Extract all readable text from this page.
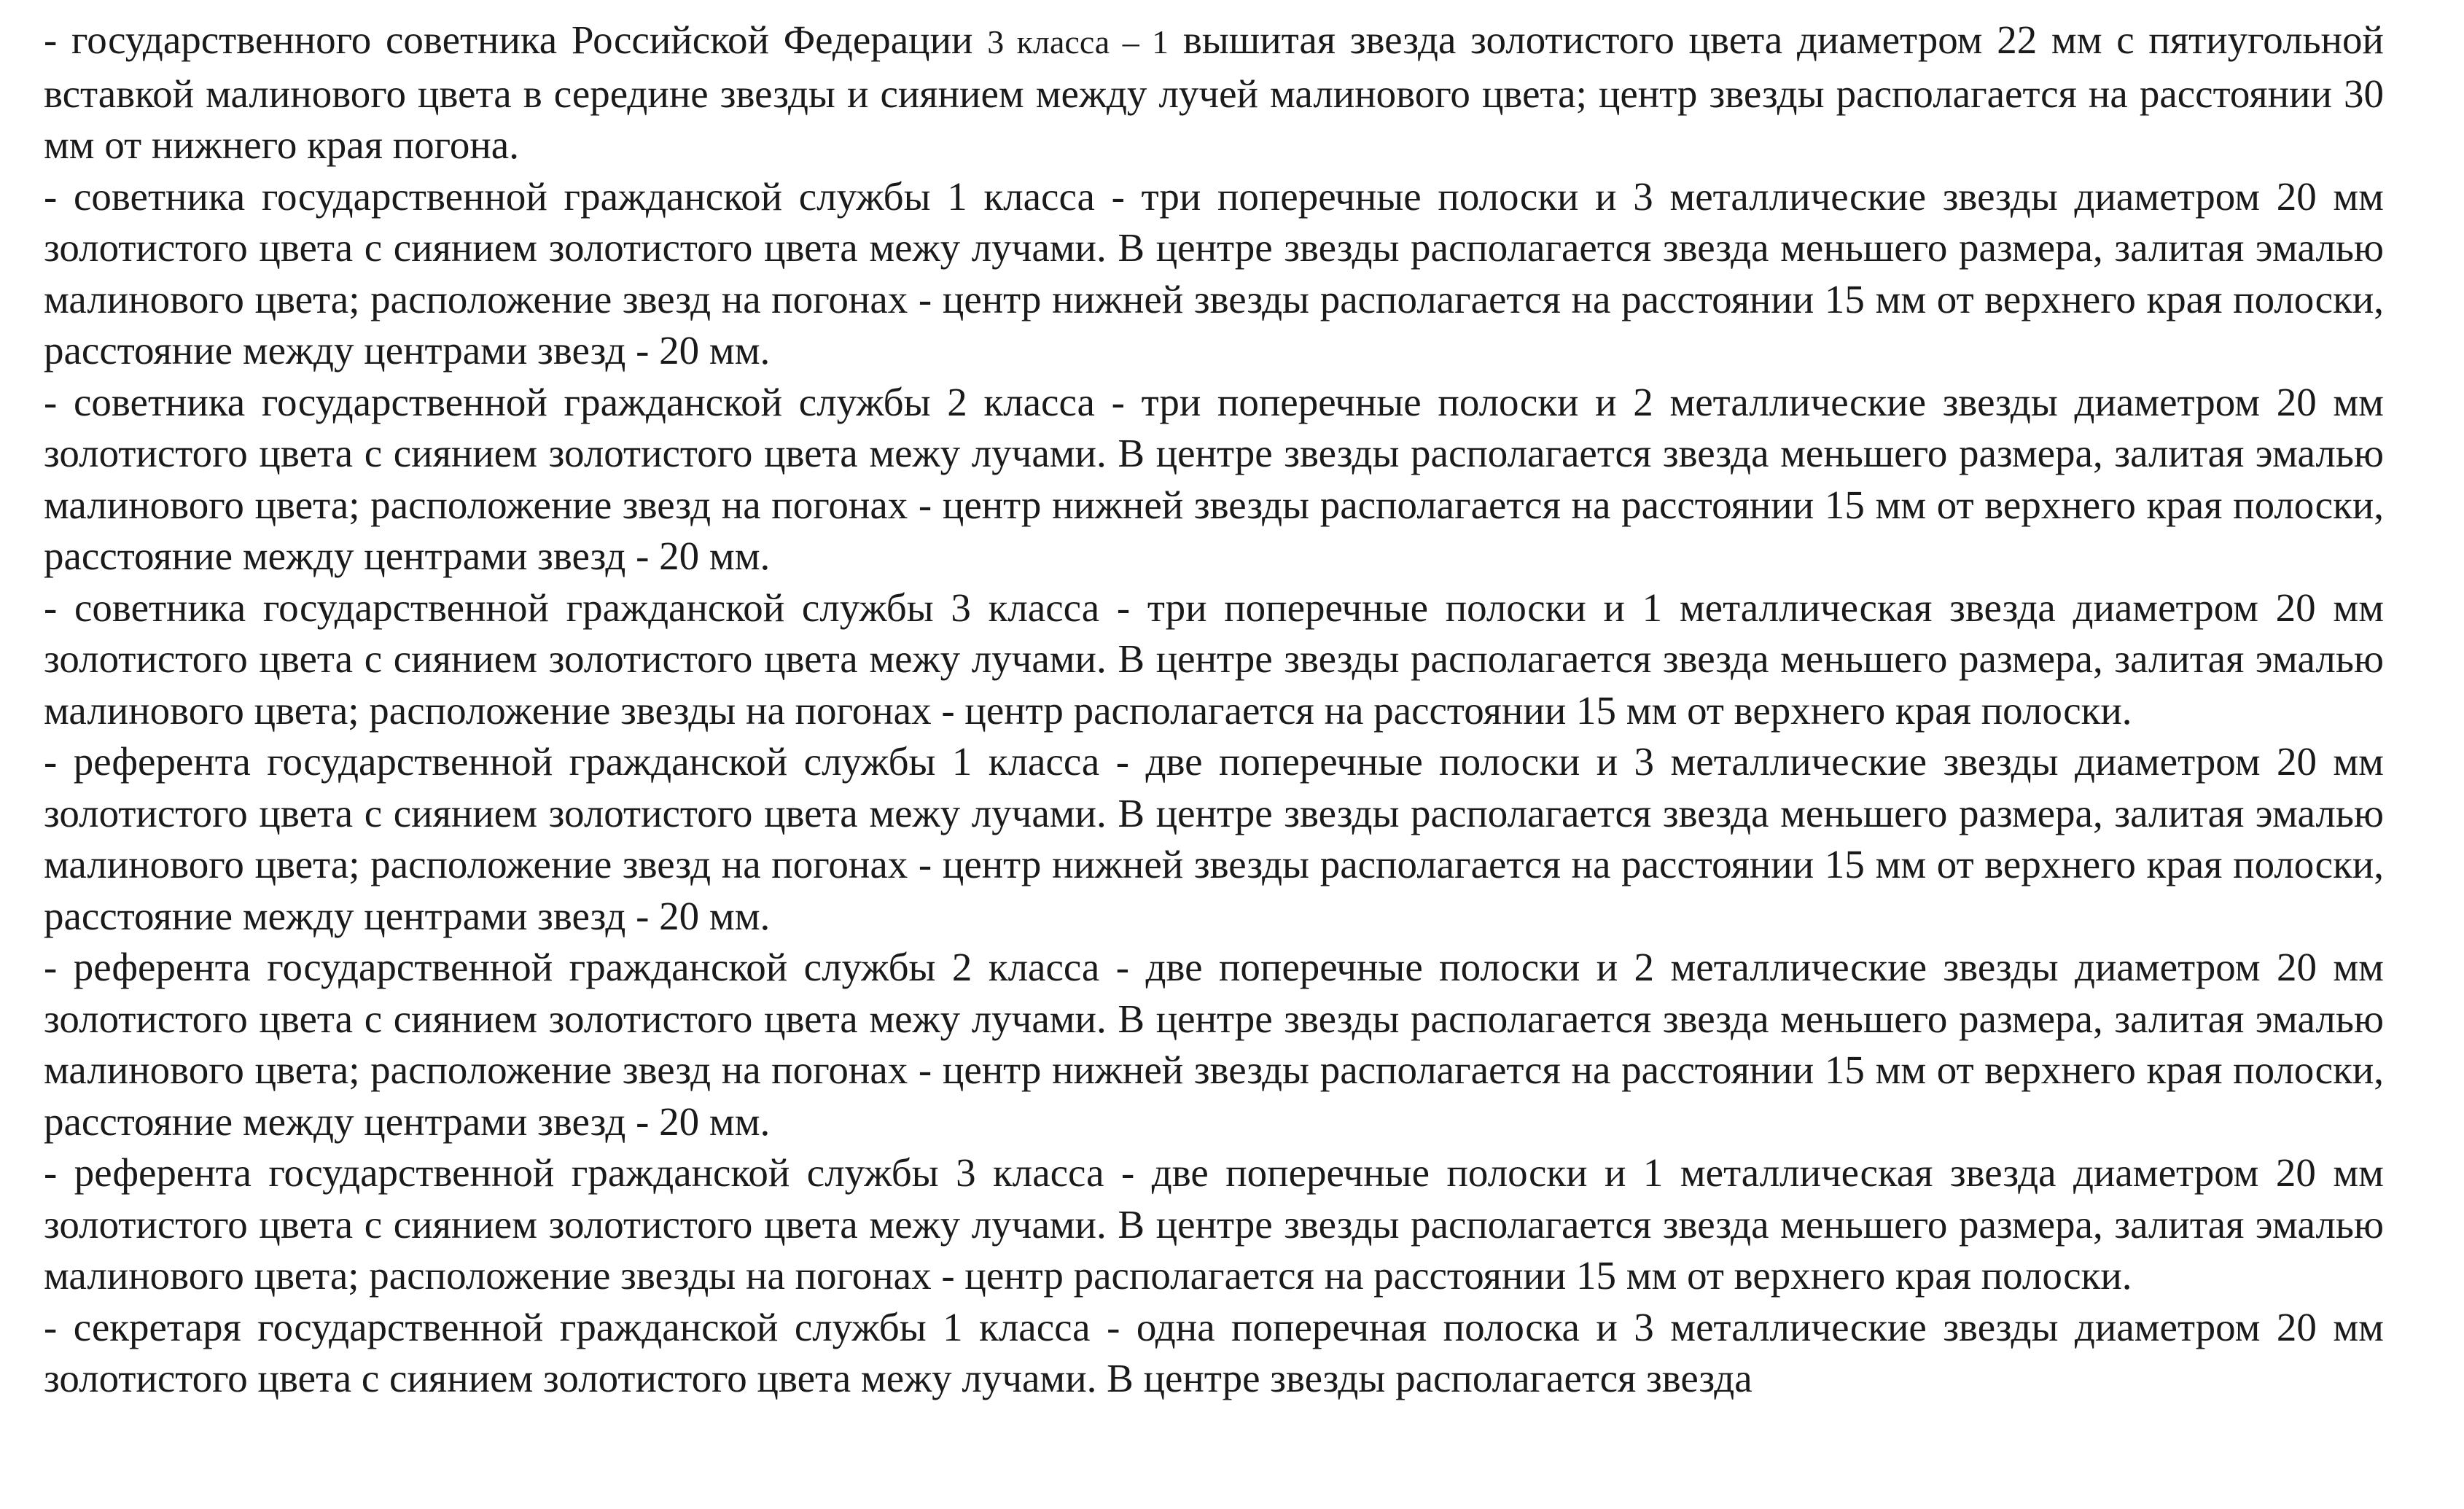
- государственного советника Российской Федерации 3 класса – 1 вышитая звезда золотистого цвета диаметром 22 мм с пятиугольной вставкой малинового цвета в середине звезды и сиянием между лучей малинового цвета; центр звезды располагается на расстоянии 30 мм от нижнего края погона.

- советника государственной гражданской службы 1 класса - три поперечные полоски и 3 металлические звезды диаметром 20 мм золотистого цвета с сиянием золотистого цвета межу лучами. В центре звезды располагается звезда меньшего размера, залитая эмалью малинового цвета; расположение звезд на погонах - центр нижней звезды располагается на расстоянии 15 мм от верхнего края полоски, расстояние между центрами звезд - 20 мм.

- советника государственной гражданской службы 2 класса - три поперечные полоски и 2 металлические звезды диаметром 20 мм золотистого цвета с сиянием золотистого цвета межу лучами. В центре звезды располагается звезда меньшего размера, залитая эмалью малинового цвета; расположение звезд на погонах - центр нижней звезды располагается на расстоянии 15 мм от верхнего края полоски, расстояние между центрами звезд - 20 мм.

- советника государственной гражданской службы 3 класса - три поперечные полоски и 1 металлическая звезда диаметром 20 мм золотистого цвета с сиянием золотистого цвета межу лучами. В центре звезды располагается звезда меньшего размера, залитая эмалью малинового цвета; расположение звезды на погонах - центр располагается на расстоянии 15 мм от верхнего края полоски.

- референта государственной гражданской службы 1 класса - две поперечные полоски и 3 металлические звезды диаметром 20 мм золотистого цвета с сиянием золотистого цвета межу лучами. В центре звезды располагается звезда меньшего размера, залитая эмалью малинового цвета; расположение звезд на погонах - центр нижней звезды располагается на расстоянии 15 мм от верхнего края полоски, расстояние между центрами звезд - 20 мм.

- референта государственной гражданской службы 2 класса - две поперечные полоски и 2 металлические звезды диаметром 20 мм золотистого цвета с сиянием золотистого цвета межу лучами. В центре звезды располагается звезда меньшего размера, залитая эмалью малинового цвета; расположение звезд на погонах - центр нижней звезды располагается на расстоянии 15 мм от верхнего края полоски, расстояние между центрами звезд - 20 мм.

- референта государственной гражданской службы 3 класса - две поперечные полоски и 1 металлическая звезда диаметром 20 мм золотистого цвета с сиянием золотистого цвета межу лучами. В центре звезды располагается звезда меньшего размера, залитая эмалью малинового цвета; расположение звезды на погонах - центр располагается на расстоянии 15 мм от верхнего края полоски.

- секретаря государственной гражданской службы 1 класса - одна поперечная полоска и 3 металлические звезды диаметром 20 мм золотистого цвета с сиянием золотистого цвета межу лучами. В центре звезды располагается звезда
